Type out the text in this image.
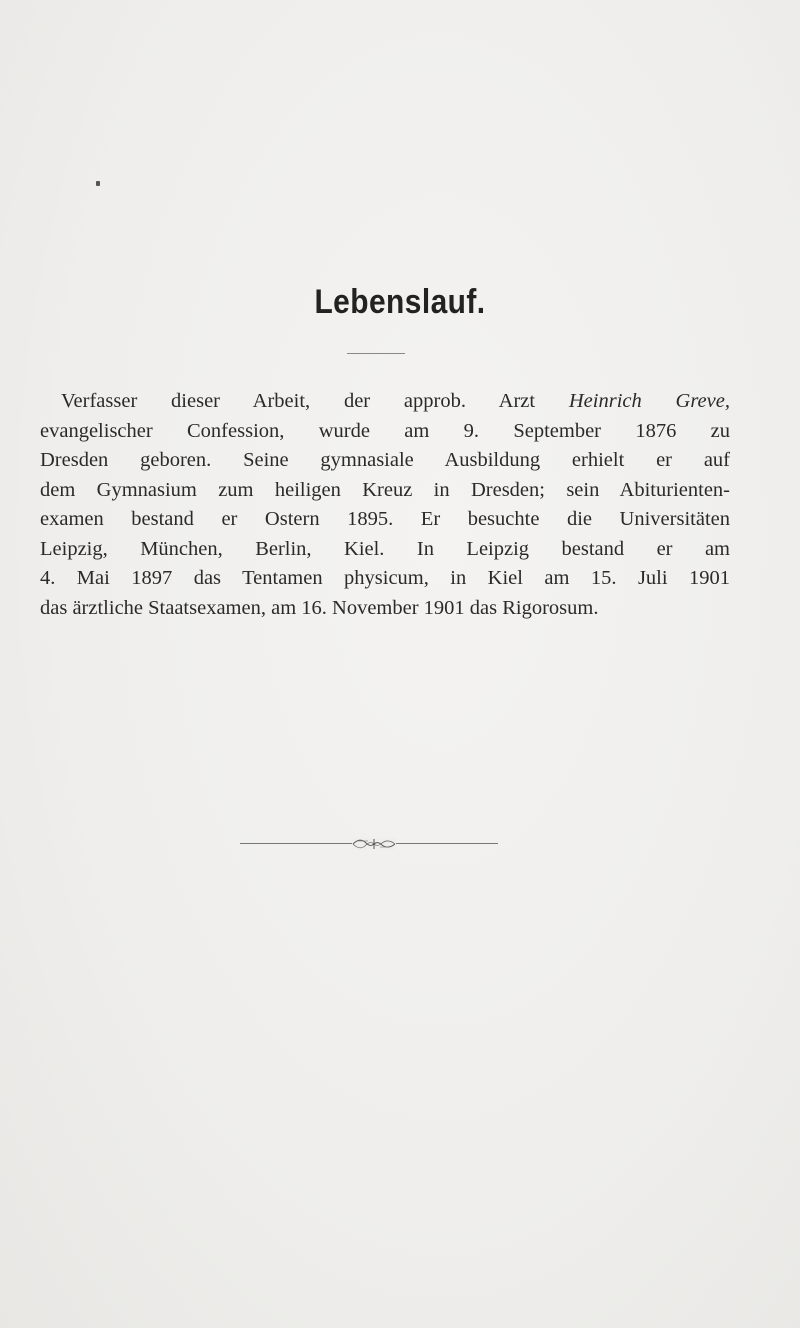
Lebenslauf.
Verfasser dieser Arbeit, der approb. Arzt Heinrich Greve,
evangelischer Confession, wurde am 9. September 1876 zu
Dresden geboren. Seine gymnasiale Ausbildung erhielt er auf
dem Gymnasium zum heiligen Kreuz in Dresden; sein Abiturienten-
examen bestand er Ostern 1895. Er besuchte die Universitäten
Leipzig, München, Berlin, Kiel. In Leipzig bestand er am
4. Mai 1897 das Tentamen physicum, in Kiel am 15. Juli 1901
das ärztliche Staatsexamen, am 16. November 1901 das Rigorosum.
